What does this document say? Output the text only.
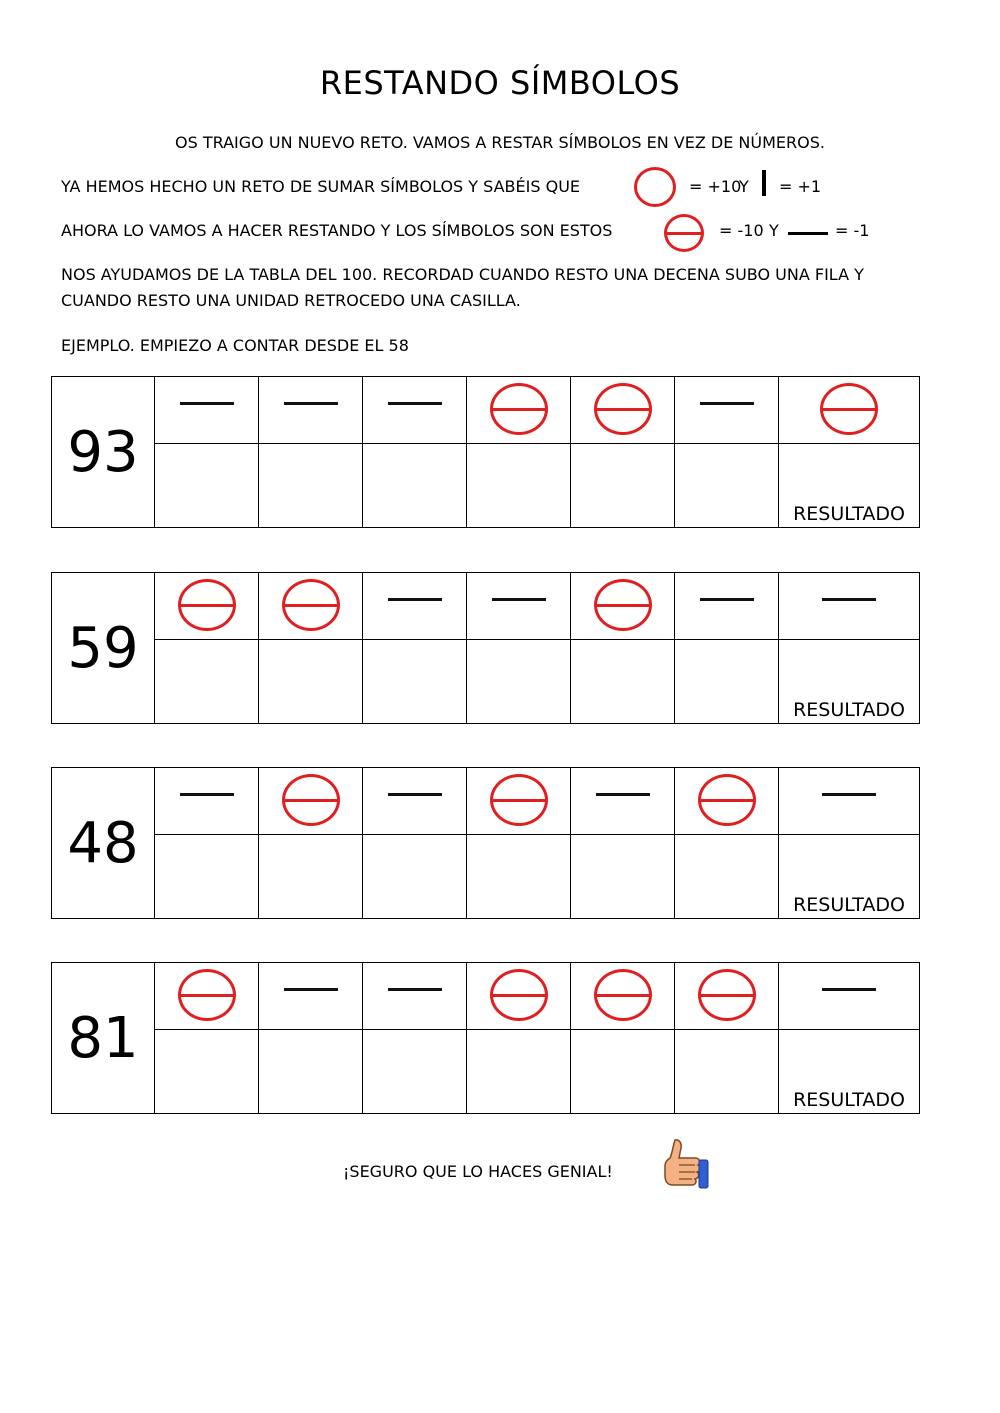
RESTANDO SÍMBOLOS
OS TRAIGO UN NUEVO RETO. VAMOS A RESTAR SÍMBOLOS EN VEZ DE NÚMEROS.
YA HEMOS HECHO UN RETO DE SUMAR SÍMBOLOS Y SABÉIS QUE	= +10
Y = +1
AHORA LO VAMOS A HACER RESTANDO Y LOS SÍMBOLOS SON ESTOS	= -10 Y	= -1
NOS AYUDAMOS DE LA TABLA DEL 100. RECORDAD CUANDO RESTO UNA DECENA SUBO UNA FILA Y
CUANDO RESTO UNA UNIDAD RETROCEDO UNA CASILLA.
EJEMPLO. EMPIEZO A CONTAR DESDE EL 58
93	

							RESULTADO
59	

							RESULTADO
48	

							RESULTADO
81	

							RESULTADO
¡SEGURO QUE LO HACES GENIAL!
